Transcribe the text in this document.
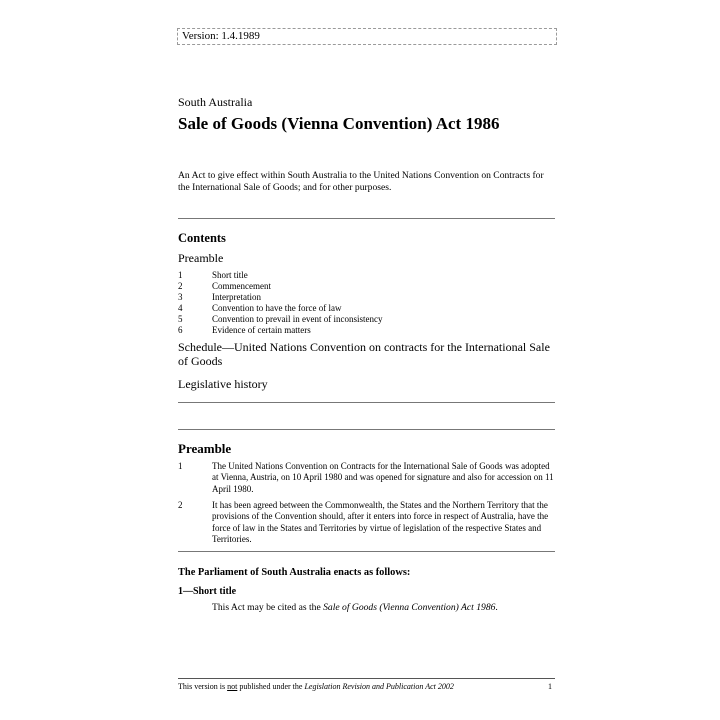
Version: 1.4.1989
South Australia
Sale of Goods (Vienna Convention) Act 1986
An Act to give effect within South Australia to the United Nations Convention on Contracts for the International Sale of Goods; and for other purposes.
Contents
Preamble
1	Short title
2	Commencement
3	Interpretation
4	Convention to have the force of law
5	Convention to prevail in event of inconsistency
6	Evidence of certain matters
Schedule—United Nations Convention on contracts for the International Sale of Goods
Legislative history
Preamble
1	The United Nations Convention on Contracts for the International Sale of Goods was adopted at Vienna, Austria, on 10 April 1980 and was opened for signature and also for accession on 11 April 1980.
2	It has been agreed between the Commonwealth, the States and the Northern Territory that the provisions of the Convention should, after it enters into force in respect of Australia, have the force of law in the States and Territories by virtue of legislation of the respective States and Territories.
The Parliament of South Australia enacts as follows:
1—Short title
This Act may be cited as the Sale of Goods (Vienna Convention) Act 1986.
This version is not published under the Legislation Revision and Publication Act 2002	1
